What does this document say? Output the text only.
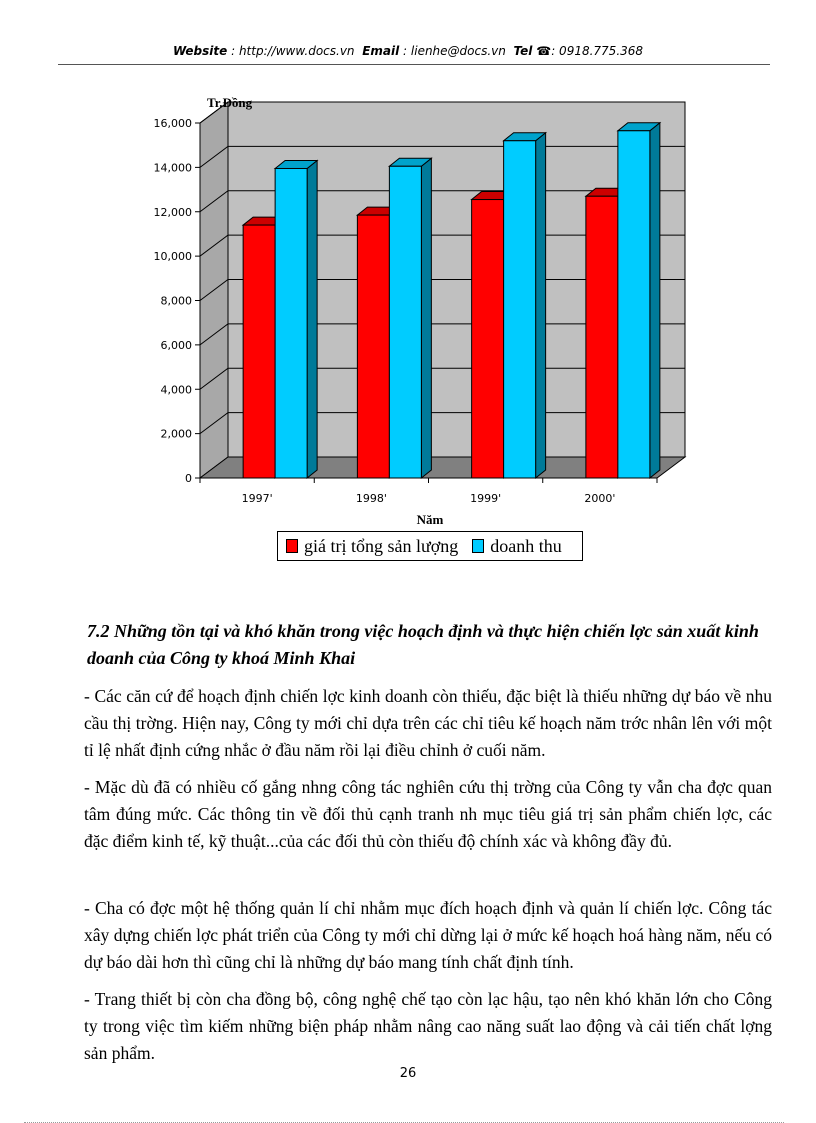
Website : http://www.docs.vn Email : lienhe@docs.vn Tel ☎: 0918.775.368
0
2,000
4,000
6,000
8,000
10,000
12,000
14,000
16,000
1997'	1998'	1999'	2000'
Tr.Đồng
Năm
giá trị tổng sản lượng doanh thu
7.2 Những tồn tại và khó khăn trong việc hoạch định và thực hiện chiến lợc sản xuất kinh doanh của Công ty khoá Minh Khai
- Các căn cứ để hoạch định chiến lợc kinh doanh còn thiếu, đặc biệt là thiếu những dự báo về nhu cầu thị trờng. Hiện nay, Công ty mới chỉ dựa trên các chỉ tiêu kế hoạch năm trớc nhân lên với một tỉ lệ nhất định cứng nhắc ở đầu năm rồi lại điều chỉnh ở cuối năm.
- Mặc dù đã có nhiều cố gắng nhng công tác nghiên cứu thị trờng của Công ty vẫn cha đợc quan tâm đúng mức. Các thông tin về đối thủ cạnh tranh nh mục tiêu giá trị sản phẩm chiến lợc, các đặc điểm kinh tế, kỹ thuật...của các đối thủ còn thiếu độ chính xác và không đầy đủ.
- Cha có đợc một hệ thống quản lí chỉ nhằm mục đích hoạch định và quản lí chiến lợc. Công tác xây dựng chiến lợc phát triển của Công ty mới chỉ dừng lại ở mức kế hoạch hoá hàng năm, nếu có dự báo dài hơn thì cũng chỉ là những dự báo mang tính chất định tính.
- Trang thiết bị còn cha đồng bộ, công nghệ chế tạo còn lạc hậu, tạo nên khó khăn lớn cho Công ty trong việc tìm kiếm những biện pháp nhằm nâng cao năng suất lao động và cải tiến chất lợng sản phẩm.
26
